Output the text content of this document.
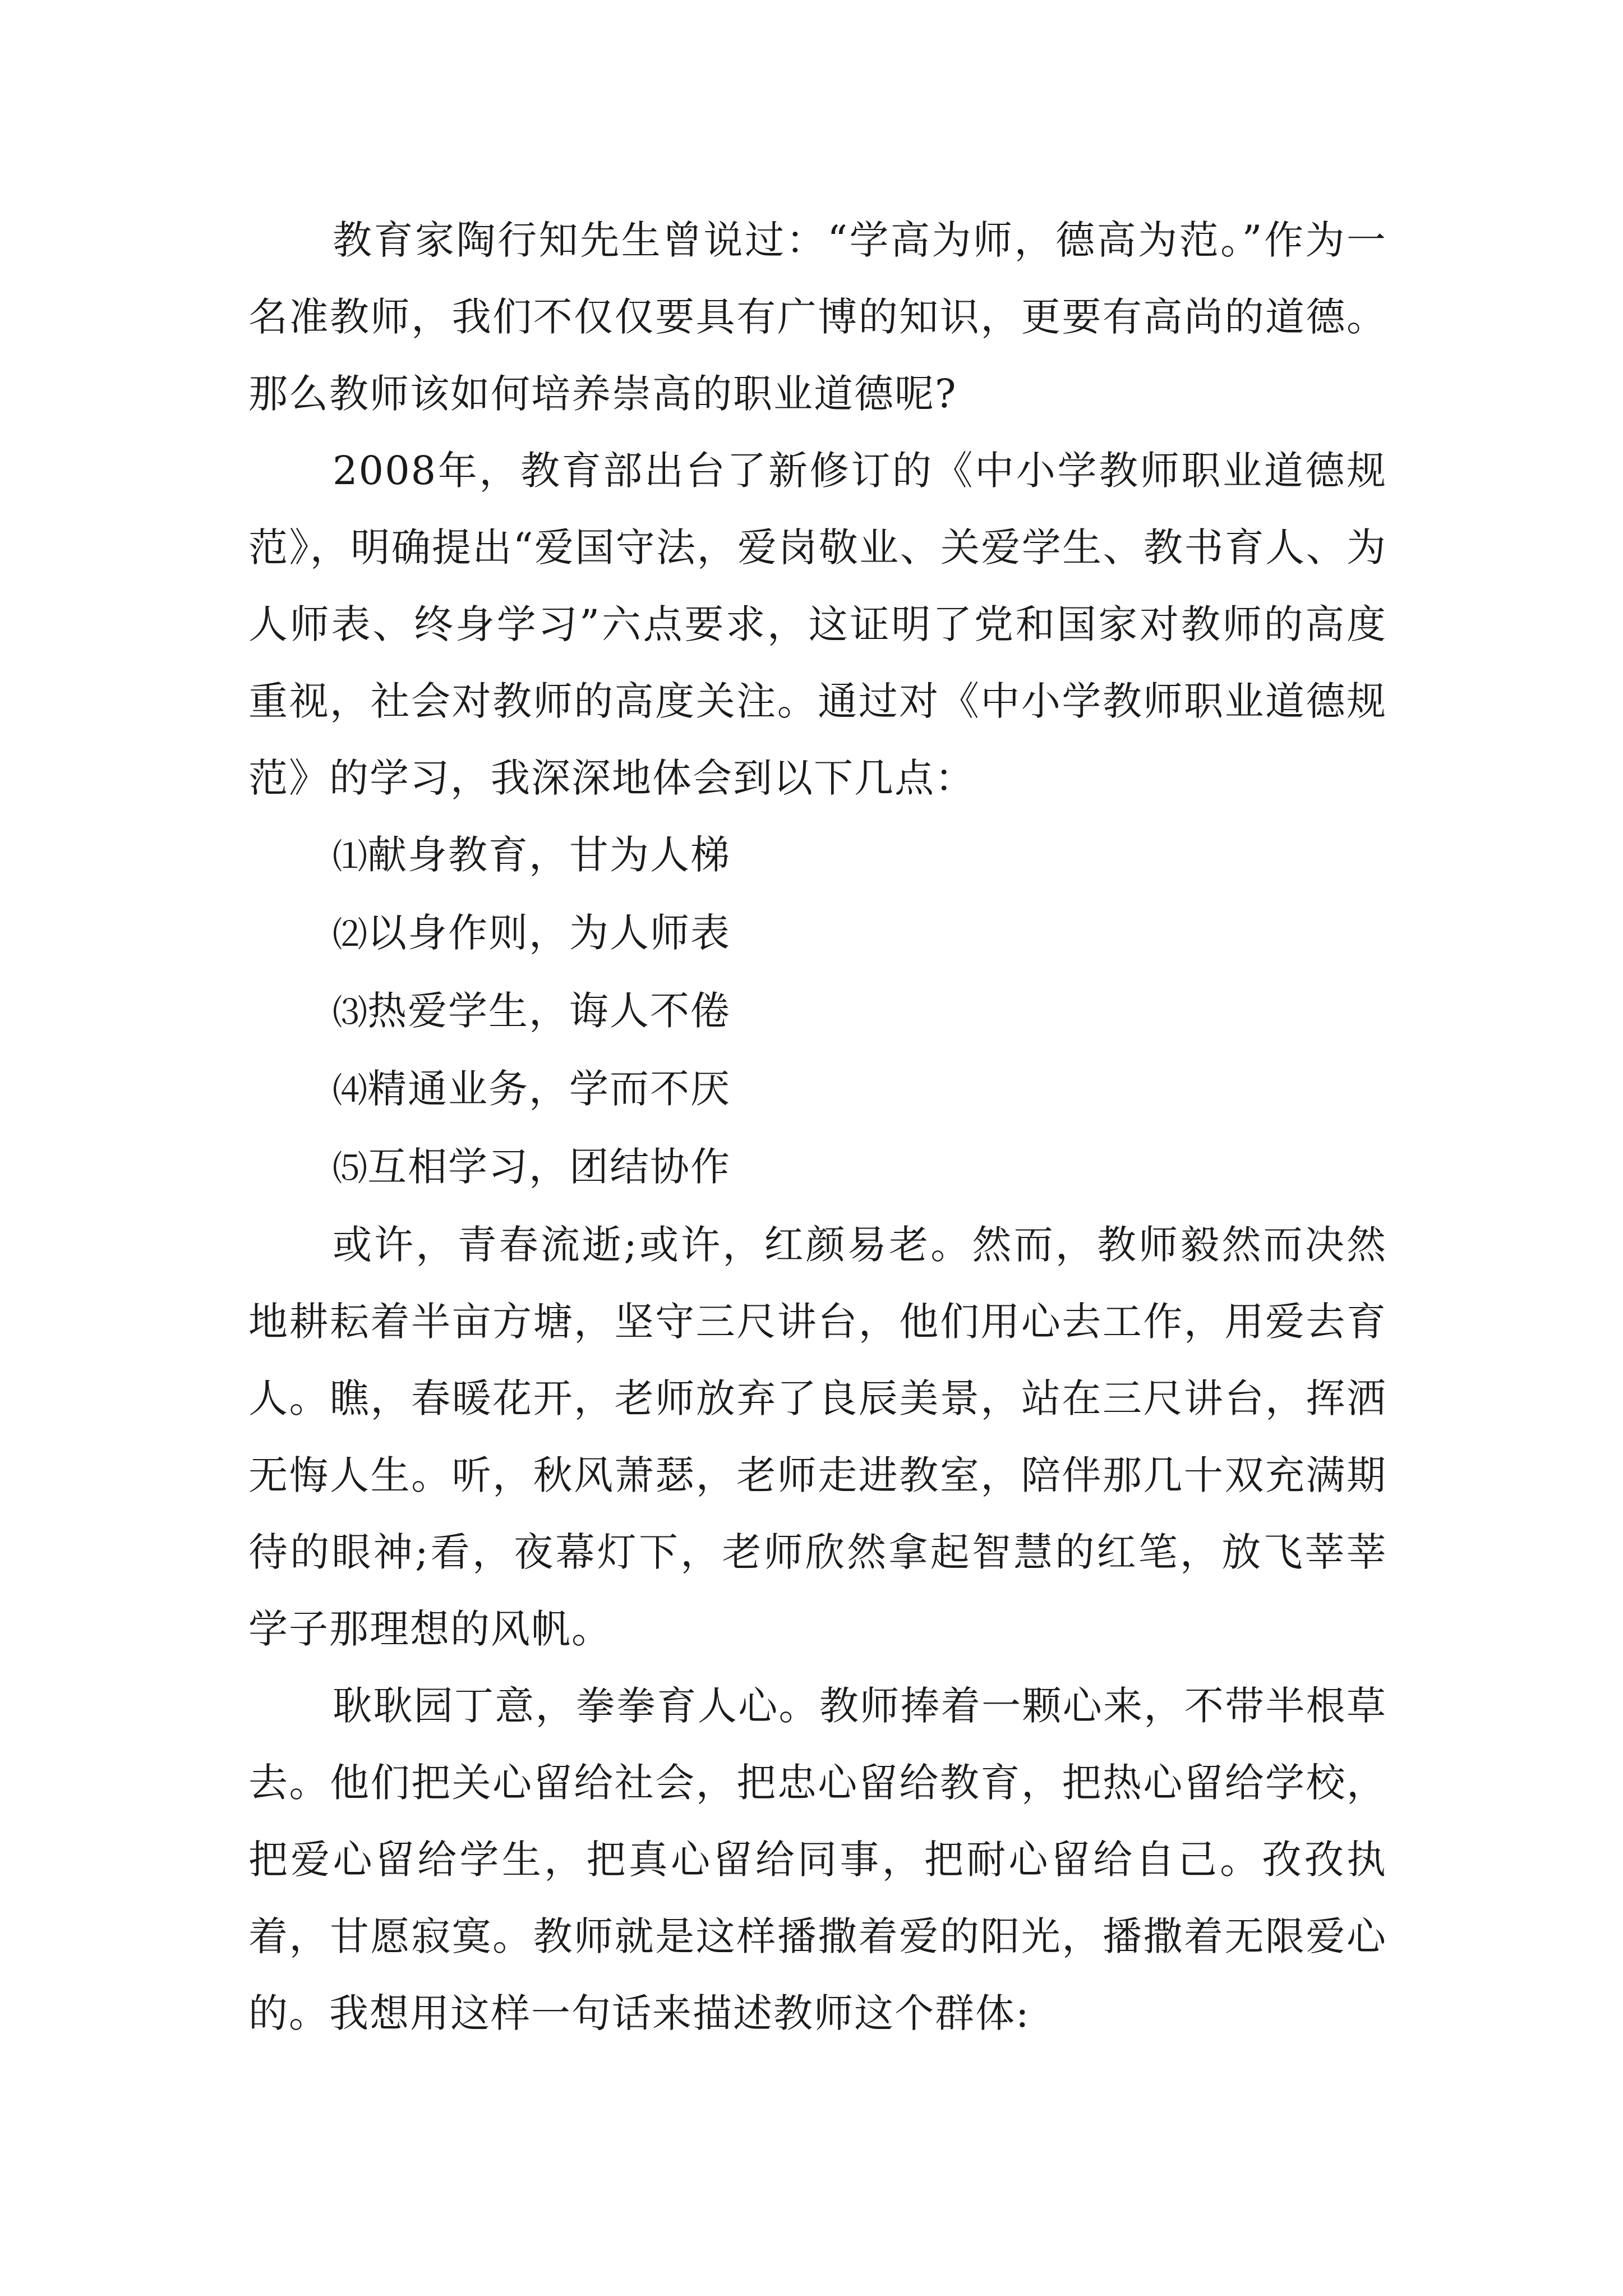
教育家陶行知先生曾说过：“学高为师，德高为范。”作为一名准教师，我们不仅仅要具有广博的知识，更要有高尚的道德。那么教师该如何培养崇高的职业道德呢?

2008年，教育部出台了新修订的《中小学教师职业道德规范》，明确提出“爱国守法，爱岗敬业、关爱学生、教书育人、为人师表、终身学习”六点要求，这证明了党和国家对教师的高度重视，社会对教师的高度关注。通过对《中小学教师职业道德规范》的学习，我深深地体会到以下几点：

⑴献身教育，甘为人梯
⑵以身作则，为人师表
⑶热爱学生，诲人不倦
⑷精通业务，学而不厌
⑸互相学习，团结协作

或许，青春流逝;或许，红颜易老。然而，教师毅然而决然地耕耘着半亩方塘，坚守三尺讲台，他们用心去工作，用爱去育人。瞧，春暖花开，老师放弃了良辰美景，站在三尺讲台，挥洒无悔人生。听，秋风萧瑟，老师走进教室，陪伴那几十双充满期待的眼神;看，夜幕灯下，老师欣然拿起智慧的红笔，放飞莘莘学子那理想的风帆。

耿耿园丁意，拳拳育人心。教师捧着一颗心来，不带半根草去。他们把关心留给社会，把忠心留给教育，把热心留给学校，把爱心留给学生，把真心留给同事，把耐心留给自己。孜孜执着，甘愿寂寞。教师就是这样播撒着爱的阳光，播撒着无限爱心的。我想用这样一句话来描述教师这个群体:
